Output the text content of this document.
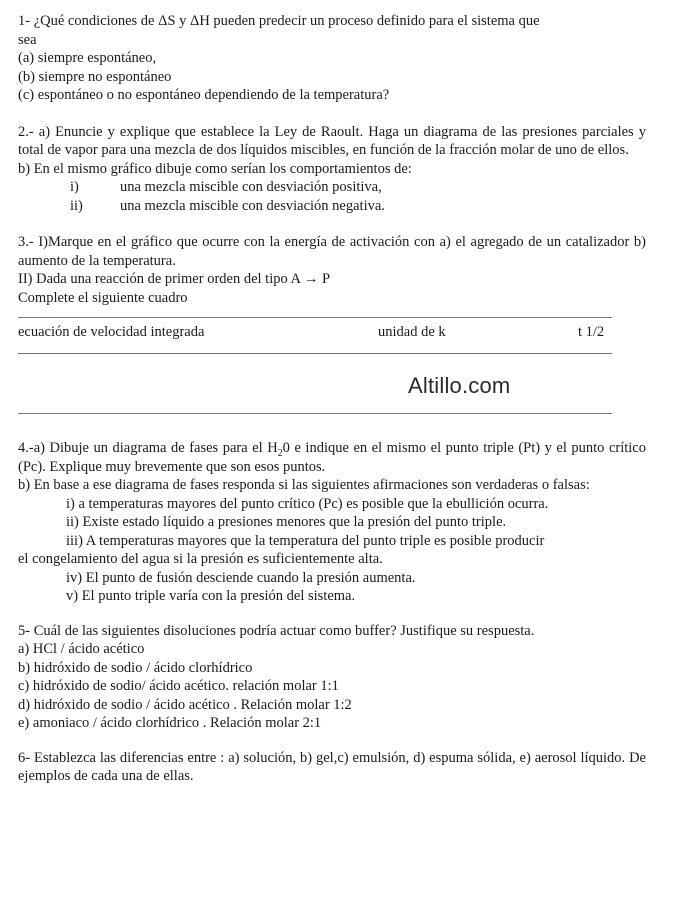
1- ¿Qué condiciones de ΔS y ΔH pueden predecir un proceso definido para el sistema que

sea

(a) siempre espontáneo,

(b) siempre no espontáneo

(c) espontáneo o no espontáneo dependiendo de la temperatura?

2.- a) Enuncie y explique que establece la Ley de Raoult. Haga un diagrama de las presiones parciales y total de vapor para una mezcla de dos líquidos miscibles, en función de la fracción molar de uno de ellos.

b) En el mismo gráfico dibuje como serían los comportamientos de:

i)	una mezcla miscible con desviación positiva,
ii)	una mezcla miscible con desviación negativa.

3.- I)Marque en el gráfico que ocurre con la energía de activación con a) el agregado de un catalizador b) aumento de la temperatura.

II) Dada una reacción de primer orden del tipo A → P

Complete el siguiente cuadro

ecuación de velocidad integrada	unidad de k	t 1/2
Altillo.com

4.-a) Dibuje un diagrama de fases para el $H_20$ e indique en el mismo el punto triple (Pt) y el punto crítico (Pc). Explique muy brevemente que son esos puntos.

b) En base a ese diagrama de fases responda si las siguientes afirmaciones son verdaderas o falsas:

i) a temperaturas mayores del punto crítico (Pc) es posible que la ebullición ocurra.

ii) Existe estado líquido a presiones menores que la presión del punto triple.

iii) A temperaturas mayores que la temperatura del punto triple es posible producir

el congelamiento del agua si la presión es suficientemente alta.

iv) El punto de fusión desciende cuando la presión aumenta.

v) El punto triple varía con la presión del sistema.

5- Cuál de las siguientes disoluciones podría actuar como buffer? Justifique su respuesta.

a) HCl / ácido acético

b) hidróxido de sodio / ácido clorhídrico

c) hidróxido de sodio/ ácido acético. relación molar 1:1

d) hidróxido de sodio / ácido acético . Relación molar 1:2

e) amoniaco / ácido clorhídrico . Relación molar 2:1

6- Establezca las diferencias entre : a) solución, b) gel,c) emulsión, d) espuma sólida, e) aerosol líquido. De ejemplos de cada una de ellas.
